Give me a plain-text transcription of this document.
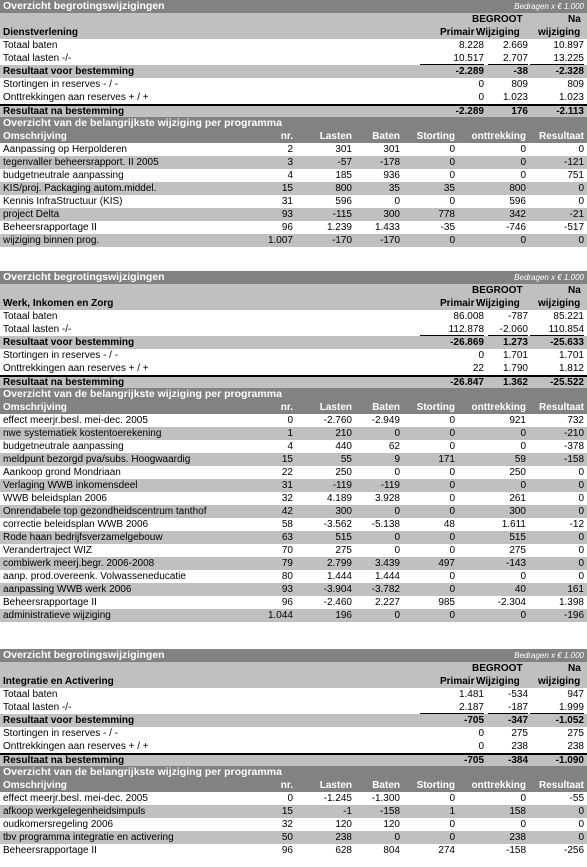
Overzicht begrotingswijzigingen	Bedragen x € 1.000
BEGROOT	Na
Dienstverlening	Primair Wijziging wijziging
Totaal baten	8.228	2.669	10.897
Totaal lasten -/-	10.517	2.707	13.225
Resultaat voor bestemming	-2.289	-38	-2.328
Stortingen in reserves - / -	0	809	809
Onttrekkingen aan reserves + / +	0	1.023	1.023
Resultaat na bestemming	-2.289	176	-2.113
Overzicht van de belangrijkste wijziging per programma
Omschrijving	nr.	Lasten	Baten	Storting	onttrekking	Resultaat
Aanpassing op Herpolderen	2	301	301	0	0	0
tegenvaller beheersrapport. II 2005	3	-57	-178	0	0	-121
budgetneutrale aanpassing	4	185	936	0	0	751
KIS/proj. Packaging autom.middel.	15	800	35	35	800	0
Kennis InfraStructuur (KIS)	31	596	0	0	596	0
project Delta	93	-115	300	778	342	-21
Beheersrapportage II	96	1.239	1.433	-35	-746	-517
wijziging binnen prog.	1.007	-170	-170	0	0	0
Overzicht begrotingswijzigingen	Bedragen x € 1.000
BEGROOT	Na
Werk, Inkomen en Zorg	Primair Wijziging wijziging
Totaal baten	86.008	-787	85.221
Totaal lasten -/-	112.878	-2.060	110.854
Resultaat voor bestemming	-26.869	1.273	-25.633
Stortingen in reserves - / -	0	1.701	1.701
Onttrekkingen aan reserves + / +	22	1.790	1.812
Resultaat na bestemming	-26.847	1.362	-25.522
Overzicht van de belangrijkste wijziging per programma
Omschrijving	nr.	Lasten	Baten	Storting	onttrekking	Resultaat
effect meerjr.besl. mei-dec. 2005	0	-2.760	-2.949	0	921	732
nwe systematiek kostentoerekening	1	210	0	0	0	-210
budgetneutrale aanpassing	4	440	62	0	0	-378
meldpunt bezorgd pva/subs. Hoogwaardig	15	55	9	171	59	-158
Aankoop grond Mondriaan	22	250	0	0	250	0
Verlaging WWB inkomensdeel	31	-119	-119	0	0	0
WWB beleidsplan 2006	32	4.189	3.928	0	261	0
Onrendabele top gezondheidscentrum tanthof	42	300	0	0	300	0
correctie beleidsplan WWB 2006	58	-3.562	-5.138	48	1.611	-12
Rode haan bedrijfsverzamelgebouw	63	515	0	0	515	0
Verandertraject WIZ	70	275	0	0	275	0
combiwerk meerj.begr. 2006-2008	79	2.799	3.439	497	-143	0
aanp. prod.overeenk. Volwasseneducatie	80	1.444	1.444	0	0	0
aanpassing WWB werk 2006	93	-3.904	-3.782	0	40	161
Beheersrapportage II	96	-2.460	2.227	985	-2.304	1.398
administratieve wijziging	1.044	196	0	0	0	-196
Overzicht begrotingswijzigingen	Bedragen x € 1.000
BEGROOT	Na
Integratie en Activering	Primair Wijziging wijziging
Totaal baten	1.481	-534	947
Totaal lasten -/-	2.187	-187	1.999
Resultaat voor bestemming	-705	-347	-1.052
Stortingen in reserves - / -	0	275	275
Onttrekkingen aan reserves + / +	0	238	238
Resultaat na bestemming	-705	-384	-1.090
Overzicht van de belangrijkste wijziging per programma
Omschrijving	nr.	Lasten	Baten	Storting	onttrekking	Resultaat
effect meerjr.besl. mei-dec. 2005	0	-1.245	-1.300	0	0	-55
afkoop werkgelegenheidsimpuls	15	-1	-158	1	158	0
oudkomersregeling 2006	32	120	120	0	0	0
tbv programma integratie en activering	50	238	0	0	238	0
Beheersrapportage II	96	628	804	274	-158	-256
